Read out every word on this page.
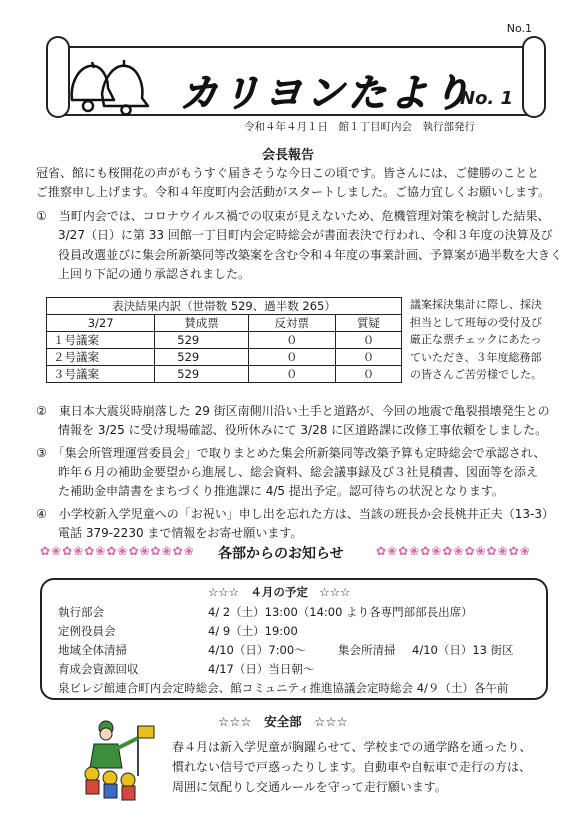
No.1
カリヨンたより
No. 1
令和４年４月１日　館１丁目町内会　執行部発行
会長報告
冠省、館にも桜開花の声がもうすぐ届きそうな今日この頃です。皆さんには、ご健勝のことと
ご推察申し上げます。令和４年度町内会活動がスタートしました。ご協力宜しくお願いします。
①　当町内会では、コロナウイルス禍での収束が見えないため、危機管理対策を検討した結果、
3/27（日）に第 33 回館一丁目町内会定時総会が書面表決で行われ、令和３年度の決算及び
役員改選並びに集会所新築同等改築案を含む令和４年度の事業計画、予算案が過半数を大きく
上回り下記の通り承認されました。
表決結果内訳（世帯数 529、過半数 265）			
3/27	賛成票	反対票	質疑
１号議案	529	０	０
２号議案	529	０	０
３号議案	529	０	０
議案採決集計に際し、採決
担当として班毎の受付及び
厳正な票チェックにあたっ
ていただき、３年度総務部
の皆さんご苦労様でした。
②　東日本大震災時崩落した 29 街区南側川沿い土手と道路が、今回の地震で亀裂損壊発生との
情報を 3/25 に受け現場確認、役所休みにて 3/28 に区道路課に改修工事依頼をしました。
③　「集会所管理運営委員会」で取りまとめた集会所新築同等改築予算も定時総会で承認され、
昨年６月の補助金要望から進展し、総会資料、総会議事録及び３社見積書、図面等を添え
た補助金申請書をまちづくり推進課に 4/5 提出予定。認可待ちの状況となります。
④　小学校新入学児童への「お祝い」申し出を忘れた方は、当該の班長か会長桃井正夫（13-3）
電話 379-2230 まで情報をお寄せ願います。
✿❀✿❀✿❀✿❀✿❀✿❀✿❀	各部からのお知らせ	✿❀✿❀✿❀✿❀✿❀✿❀✿❀
☆☆☆　４月の予定　☆☆☆
執行部会	4/ 2（土）13:00（14:00 より各専門部部長出席）
定例役員会	4/ 9（土）19:00
地域全体清掃	4/10（日）7:00～	集会所清掃 4/10（日）13 街区
育成会資源回収	4/17（日）当日朝～
泉ビレジ館連合町内会定時総会、館コミュニティ推進協議会定時総会 4/９（土）各午前
☆☆☆　安全部　☆☆☆
春４月は新入学児童が胸躍らせて、学校までの通学路を通ったり、
慣れない信号で戸惑ったりします。自動車や自転車で走行の方は、
周囲に気配りし交通ルールを守って走行願います。
